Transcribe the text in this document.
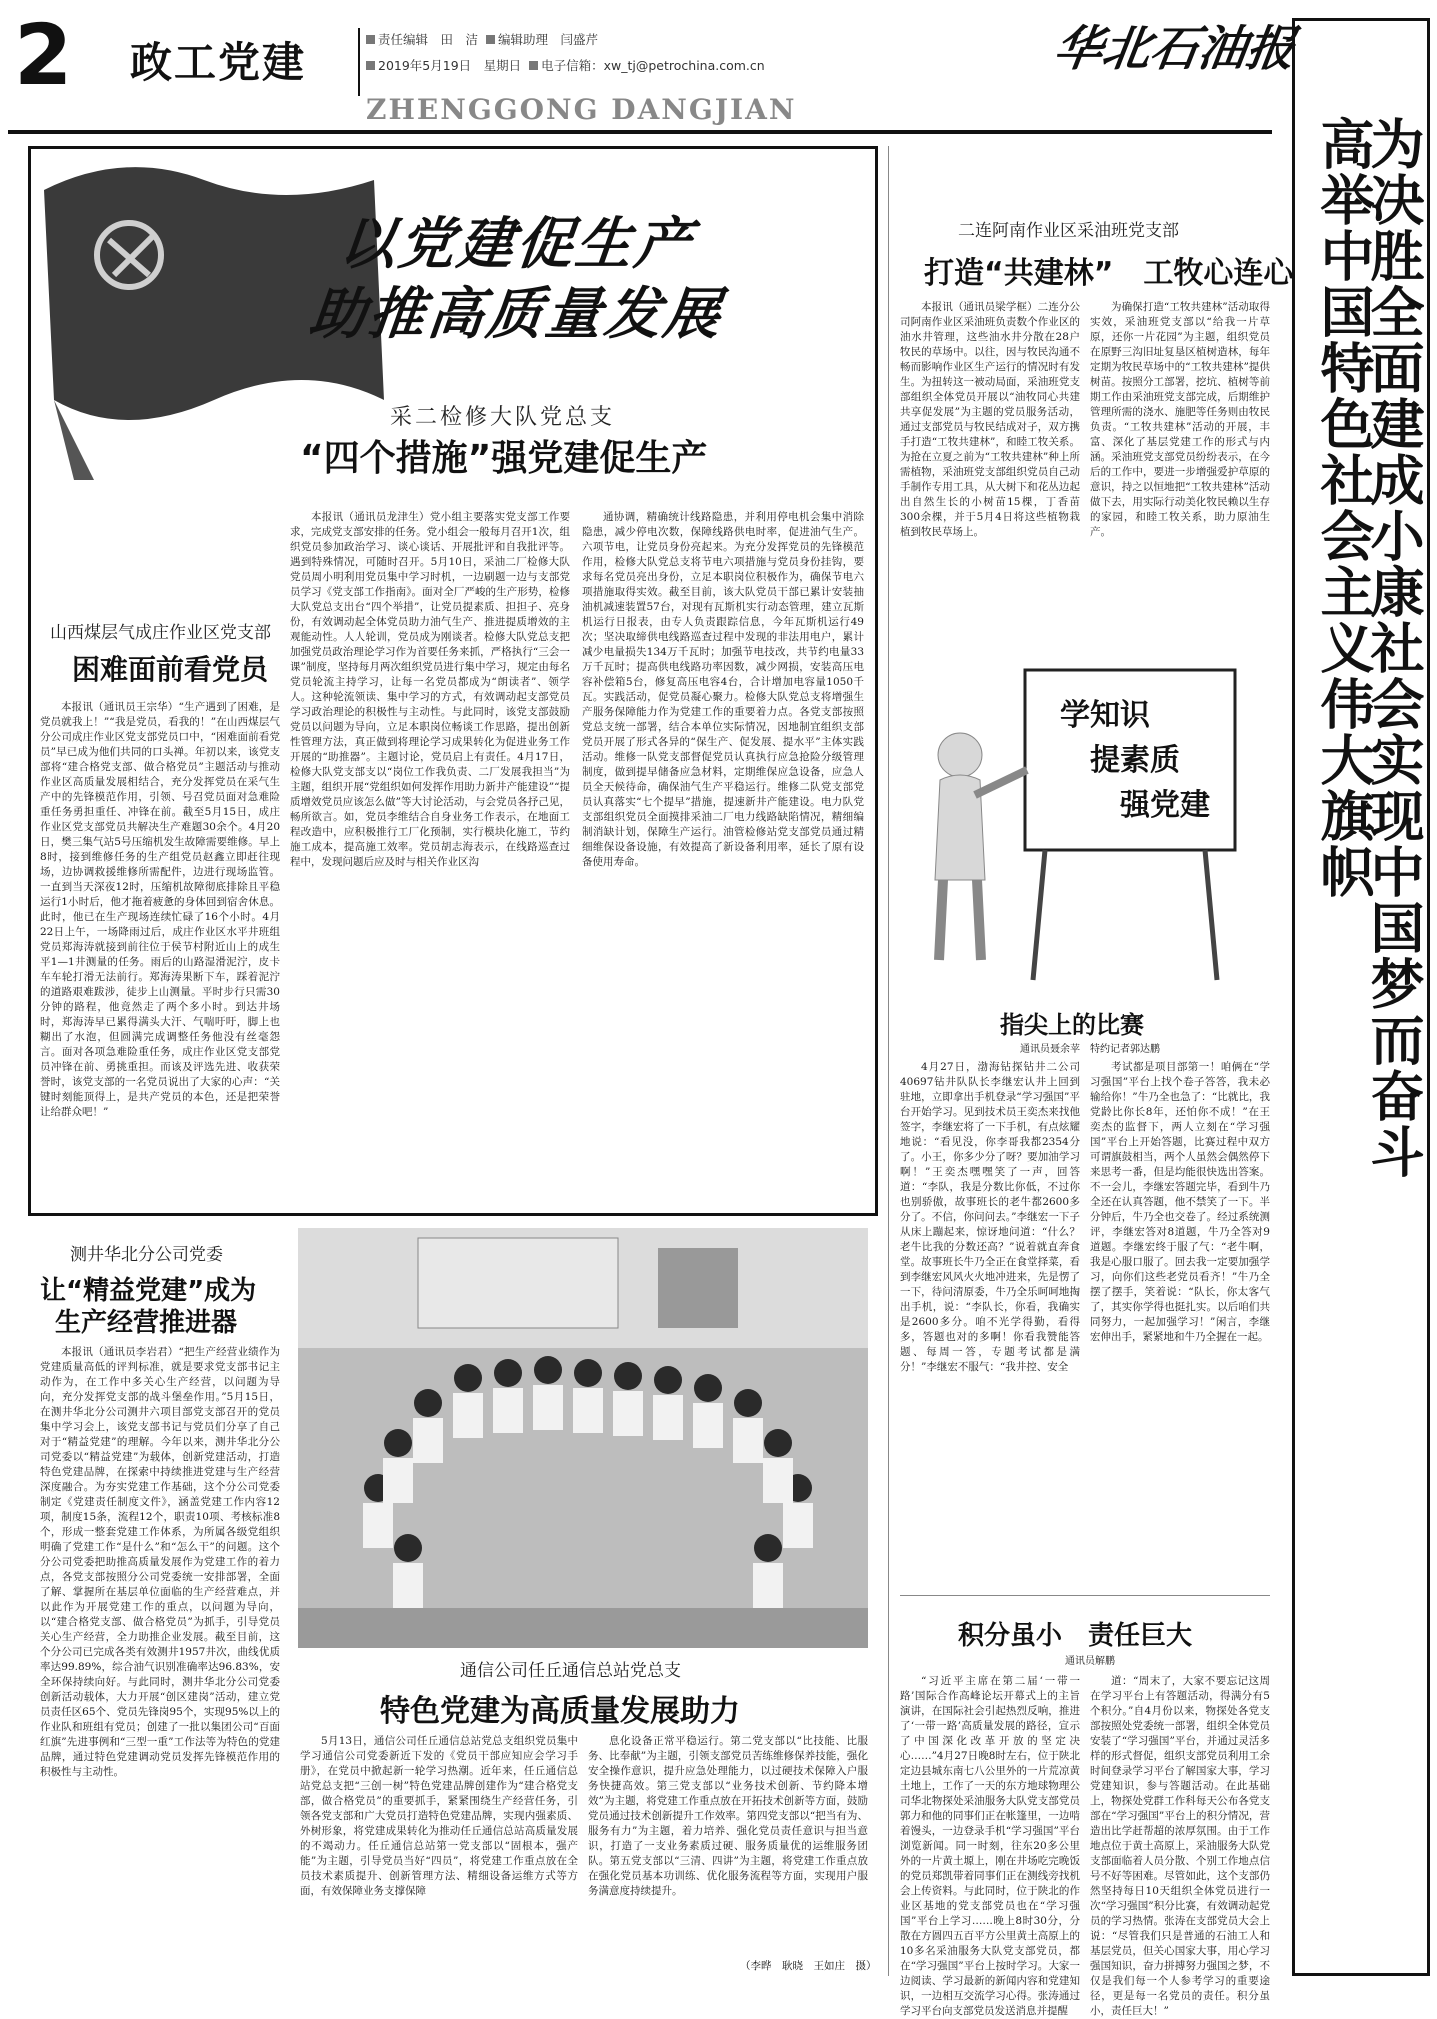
2 政工党建	责任编辑　田　洁 编辑助理　闫盛芹
2019年5月19日　星期日 电子信箱：xw_tj@petrochina.com.cn
ZHENGGONG DANGJIAN
华北石油报
高举中国特色社会主义伟大旗帜
为决胜全面建成小康社会实现中国梦而奋斗
以党建促生产
助推高质量发展
采二检修大队党总支
“四个措施”强党建促生产

本报讯（通讯员龙津生）党小组主要落实党支部工作要求，完成党支部安排的任务。党小组会一般每月召开1次，组织党员参加政治学习、谈心谈话、开展批评和自我批评等。遇到特殊情况，可随时召开。5月10日，采油二厂检修大队党员周小明利用党员集中学习时机，一边刷题一边与支部党员学习《党支部工作指南》。面对全厂严峻的生产形势，检修大队党总支出台“四个举措”，让党员提素质、担担子、亮身份，有效调动起全体党员助力油气生产、推进提质增效的主观能动性。人人轮训，党员成为刚谈者。检修大队党总支把加强党员政治理论学习作为首要任务来抓，严格执行“三会一课”制度，坚持每月两次组织党员进行集中学习，规定由每名党员轮流主持学习，让每一名党员都成为“朗读者”、领学人。这种轮流领读、集中学习的方式，有效调动起支部党员学习政治理论的积极性与主动性。与此同时，该党支部鼓励党员以问题为导向，立足本职岗位畅谈工作思路，提出创新性管理方法，真正做到将理论学习成果转化为促进业务工作开展的“助推器”。主题讨论，党员启上有责任。4月17日，检修大队党支部支以“岗位工作我负责、二厂发展我担当”为主题，组织开展“党组织如何发挥作用助力新井产能建设”“提质增效党员应该怎么做”等大讨论活动，与会党员各抒己见，畅所欲言。如，党员李维结合自身业务工作表示，在地面工程改造中，应积极推行工厂化预制，实行模块化施工，节约施工成本，提高施工效率。党员胡志海表示，在线路巡查过程中，发现问题后应及时与相关作业区沟

通协调，精确统计线路隐患，并利用停电机会集中消除隐患，减少停电次数，保障线路供电时率，促进油气生产。六项节电，让党员身份亮起来。为充分发挥党员的先锋模范作用，检修大队党总支将节电六项措施与党员身份挂钩，要求每名党员亮出身份，立足本职岗位积极作为，确保节电六项措施取得实效。截至目前，该大队党员干部已累计安装抽油机减速装置57台，对现有瓦斯机实行动态管理，建立瓦斯机运行日报表，由专人负责跟踪信息，今年瓦斯机运行49次；坚决取缔供电线路巡查过程中发现的非法用电户，累计减少电量损失134万千瓦时；加强节电技改，共节约电量33万千瓦时；提高供电线路功率因数，减少网损，安装高压电容补偿箱5台，修复高压电容4台，合计增加电容量1050千瓦。实践活动，促党员凝心聚力。检修大队党总支将增强生产服务保障能力作为党建工作的重要着力点。各党支部按照党总支统一部署，结合本单位实际情况，因地制宜组织支部党员开展了形式各异的“保生产、促发展、提水平”主体实践活动。维修一队党支部督促党员认真执行应急抢险分级管理制度，做到提早储备应急材料，定期维保应急设备，应急人员全天候待命，确保油气生产平稳运行。维修二队党支部党员认真落实“七个提早”措施，提速新井产能建设。电力队党支部组织党员全面摸排采油二厂电力线路缺陷情况，精细编制消缺计划，保障生产运行。油管检修站党支部党员通过精细维保设备设施，有效提高了新设备利用率，延长了原有设备使用寿命。

山西煤层气成庄作业区党支部
困难面前看党员

本报讯（通讯员王宗华）“生产遇到了困难，是党员就我上！”“我是党员，看我的！”在山西煤层气分公司成庄作业区党支部党员口中，“困难面前看党员”早已成为他们共同的口头禅。年初以来，该党支部将“建合格党支部、做合格党员”主题活动与推动作业区高质量发展相结合，充分发挥党员在采气生产中的先锋模范作用，引领、号召党员面对急难险重任务勇担重任、冲锋在前。截至5月15日，成庄作业区党支部党员共解决生产难题30余个。4月20日，樊三集气站5号压缩机发生故障需要维修。早上8时，接到维修任务的生产组党员赵鑫立即赶往现场，边协调救援维修所需配件，边进行现场监管。一直到当天深夜12时，压缩机故障彻底排除且平稳运行1小时后，他才拖着疲惫的身体回到宿舍休息。此时，他已在生产现场连续忙碌了16个小时。4月22日上午，一场降雨过后，成庄作业区水平井班组党员郑海涛就接到前往位于侯节村附近山上的成生平1—1井测量的任务。雨后的山路湿滑泥泞，皮卡车车轮打滑无法前行。郑海涛果断下车，踩着泥泞的道路艰难跋涉，徒步上山测量。平时步行只需30分钟的路程，他竟然走了两个多小时。到达井场时，郑海涛早已累得满头大汗、气喘吁吁，脚上也糊出了水泡，但圆满完成调整任务他没有丝毫怨言。面对各项急难险重任务，成庄作业区党支部党员冲锋在前、勇挑重担。而该及评选先进、收获荣誉时，该党支部的一名党员说出了大家的心声：“关键时刻能顶得上，是共产党员的本色，还是把荣誉让给群众吧！”

测井华北分公司党委
让“精益党建”成为
生产经营推进器

本报讯（通讯员李岩君）“把生产经营业绩作为党建质量高低的评判标准，就是要求党支部书记主动作为，在工作中多关心生产经营，以问题为导向，充分发挥党支部的战斗堡垒作用。”5月15日，在测井华北分公司测井六项目部党支部召开的党员集中学习会上，该党支部书记与党员们分享了自己对于“精益党建”的理解。今年以来，测井华北分公司党委以“精益党建”为载体，创新党建活动，打造特色党建品牌，在探索中持续推进党建与生产经营深度融合。为夯实党建工作基础，这个分公司党委制定《党建责任制度文件》，涵盖党建工作内容12项，制度15条，流程12个，职责10项、考核标准8个，形成一整套党建工作体系，为所属各级党组织明确了党建工作“是什么”和“怎么干”的问题。这个分公司党委把助推高质量发展作为党建工作的着力点，各党支部按照分公司党委统一安排部署，全面了解、掌握所在基层单位面临的生产经营难点，并以此作为开展党建工作的重点，以问题为导向，以“建合格党支部、做合格党员”为抓手，引导党员关心生产经营，全力助推企业发展。截至目前，这个分公司已完成各类有效测井1957井次，曲线优质率达99.89%，综合油气识别准确率达96.83%，安全环保持续向好。与此同时，测井华北分公司党委创新活动载体，大力开展“创区建岗”活动，建立党员责任区65个、党员先锋岗95个，实现95%以上的作业队和班组有党员；创建了一批以集团公司“百面红旗”先进事例和“三型一重”工作法等为特色的党建品牌，通过特色党建调动党员发挥先锋模范作用的积极性与主动性。

通信公司任丘通信总站党总支
特色党建为高质量发展助力

5月13日，通信公司任丘通信总站党总支组织党员集中学习通信公司党委新近下发的《党员干部应知应会学习手册》，在党员中掀起新一轮学习热潮。近年来，任丘通信总站党总支把“三创一树”特色党建品牌创建作为“建合格党支部，做合格党员”的重要抓手，紧紧围绕生产经营任务，引领各党支部和广大党员打造特色党建品牌，实现内强素质、外树形象，将党建成果转化为推动任丘通信总站高质量发展的不竭动力。任丘通信总站第一党支部以“固根本，强产能”为主题，引导党员当好“四员”，将党建工作重点放在全员技术素质提升、创新管理方法、精细设备运维方式等方面，有效保障业务支撑保障

息化设备正常平稳运行。第二党支部以“比技能、比服务、比奉献”为主题，引领支部党员苦练维修保养技能，强化安全操作意识，提升应急处理能力，以过硬技术保障入户服务快捷高效。第三党支部以“业务技术创新、节约降本增效”为主题，将党建工作重点放在开拓技术创新等方面，鼓励党员通过技术创新提升工作效率。第四党支部以“把当有为、服务有力”为主题，着力培养、强化党员责任意识与担当意识，打造了一支业务素质过硬、服务质量优的运维服务团队。第五党支部以“三清、四讲”为主题，将党建工作重点放在强化党员基本功训练、优化服务流程等方面，实现用户服务满意度持续提升。

（李晔　耿晓　王如庄　摄）
二连阿南作业区采油班党支部
打造“共建林”　工牧心连心

本报讯（通讯员梁学框）二连分公司阿南作业区采油班负责数个作业区的油水井管理，这些油水井分散在28户牧民的草场中。以往，因与牧民沟通不畅而影响作业区生产运行的情况时有发生。为扭转这一被动局面，采油班党支部组织全体党员开展以“油牧同心共建共享促发展”为主题的党员服务活动，通过支部党员与牧民结成对子，双方携手打造“工牧共建林”，和睦工牧关系。为抢在立夏之前为“工牧共建林”种上所需植物，采油班党支部组织党员自己动手制作专用工具，从大树下和花丛边起出自然生长的小树苗15棵，丁香苗300余棵，并于5月4日将这些植物栽植到牧民草场上。

为确保打造“工牧共建林”活动取得实效，采油班党支部以“给我一片草原，还你一片花园”为主题，组织党员在原野三沟旧址复垦区植树造林，每年定期为牧民草场中的“工牧共建林”提供树苗。按照分工部署，挖坑、植树等前期工作由采油班党支部完成，后期维护管理所需的浇水、施肥等任务则由牧民负责。“工牧共建林”活动的开展，丰富、深化了基层党建工作的形式与内涵。采油班党支部党员纷纷表示，在今后的工作中，要进一步增强爱护草原的意识，持之以恒地把“工牧共建林”活动做下去，用实际行动美化牧民赖以生存的家园，和睦工牧关系，助力原油生产。

学知识
提素质
强党建
指尖上的比赛
通讯员聂余苹　特约记者郭达鹏

4月27日，渤海钻探钻井二公司40697钻井队队长李继宏认井上回到驻地，立即拿出手机登录“学习强国”平台开始学习。见到技术员王奕杰来找他签字，李继宏将了一下手机，有点炫耀地说：“看见没，你李哥我都2354分了。小王，你多少分了呀？要加油学习啊！”王奕杰嘿嘿笑了一声，回答道：“李队，我是分数比你低，不过你也别骄傲，故事班长的老牛都2600多分了。不信，你问问去。”李继宏一下子从床上蹦起来，惊讶地问道：“什么？老牛比我的分数还高？”说着就直奔食堂。故事班长牛乃全正在食堂择菜，看到李继宏风风火火地冲进来，先是愣了一下，待问清原委，牛乃全乐呵呵地掏出手机，说：“李队长，你看，我确实是2600多分。咱不光学得勤，看得多，答题也对的多啊！你看我赞能答题、每周一答，专题考试都是满分！”李继宏不服气：“我井控、安全

考试都是项目部第一！咱俩在“学习强国”平台上找个卷子答答，我未必输给你！”牛乃全也急了：“比就比，我党龄比你长8年，还怕你不成！”在王奕杰的监督下，两人立刻在“学习强国”平台上开始答题，比赛过程中双方可谓旗鼓相当，两个人虽然会偶然停下来思考一番，但是均能很快选出答案。不一会儿，李继宏答题完毕，看到牛乃全还在认真答题，他不禁笑了一下。半分钟后，牛乃全也交卷了。经过系统测评，李继宏答对8道题，牛乃全答对9道题。李继宏终于服了气：“老牛啊，我是心服口服了。回去我一定要加强学习，向你们这些老党员看齐！”牛乃全摆了摆手，笑着说：“队长，你太客气了，其实你学得也挺扎实。以后咱们共同努力，一起加强学习！”闲言，李继宏伸出手，紧紧地和牛乃全握在一起。

积分虽小　责任巨大
通讯员解鹏

“习近平主席在第二届‘一带一路’国际合作高峰论坛开幕式上的主旨演讲，在国际社会引起热烈反响，推进了‘一带一路’高质量发展的路径，宣示了中国深化改革开放的坚定决心……”4月27日晚8时左右，位于陕北定边县城东南七八公里外的一片荒凉黄土地上，工作了一天的东方地球物理公司华北物探处采油服务大队党支部党员郭力和他的同事们正在帐篷里，一边啃着馒头，一边登录手机“学习强国”平台浏览新闻。同一时刻，往东20多公里外的一片黄土塬上，刚在井场吃完晚饭的党员郑凯带着同事们正在测线旁找机会上传资料。与此同时，位于陕北的作业区基地的党支部党员也在“学习强国”平台上学习……晚上8时30分，分散在方圆四五百平方公里黄土高原上的10多名采油服务大队党支部党员，都在“学习强国”平台上按时学习。大家一边阅读、学习最新的新闻内容和党建知识，一边相互交流学习心得。张涛通过学习平台向支部党员发送消息并提醒

道：“周末了，大家不要忘记这周在学习平台上有答题活动，得满分有5个积分。”自4月份以来，物探处各党支部按照处党委统一部署，组织全体党员安装了“学习强国”平台，并通过灵活多样的形式督促，组织支部党员利用工余时间登录学习平台了解国家大事，学习党建知识，参与答题活动。在此基础上，物探处党群工作科每天公布各党支部在“学习强国”平台上的积分情况，营造出比学赶帮超的浓厚氛围。由于工作地点位于黄土高原上，采油服务大队党支部面临着人员分散、个别工作地点信号不好等困难。尽管如此，这个支部仍然坚持每日10天组织全体党员进行一次“学习强国”积分比赛，有效调动起党员的学习热情。张涛在支部党员大会上说：“尽管我们只是普通的石油工人和基层党员，但关心国家大事，用心学习强国知识，奋力拼搏努力强国之梦，不仅是我们每一个人参考学习的重要途径，更是每一名党员的责任。积分虽小，责任巨大！”
